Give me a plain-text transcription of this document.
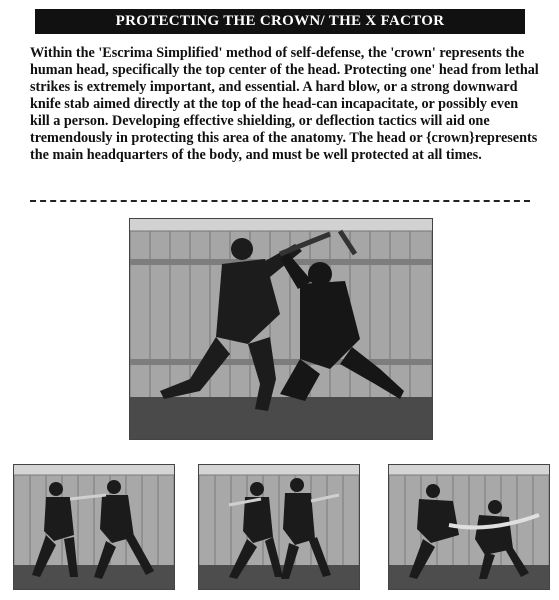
PROTECTING THE CROWN/ THE X FACTOR

Within the 'Escrima Simplified' method of self-defense, the 'crown' represents the human head, specifically the top center of the head. Protecting one' head from lethal strikes is extremely important, and essential. A hard blow, or a strong downward knife stab aimed directly at the top of the head-can incapacitate, or possibly even kill a person. Developing effective shielding, or deflection tactics will aid one tremendously in protecting this area of the anatomy. The head or {crown}represents the main headquarters of the body, and must be well protected at all times.
